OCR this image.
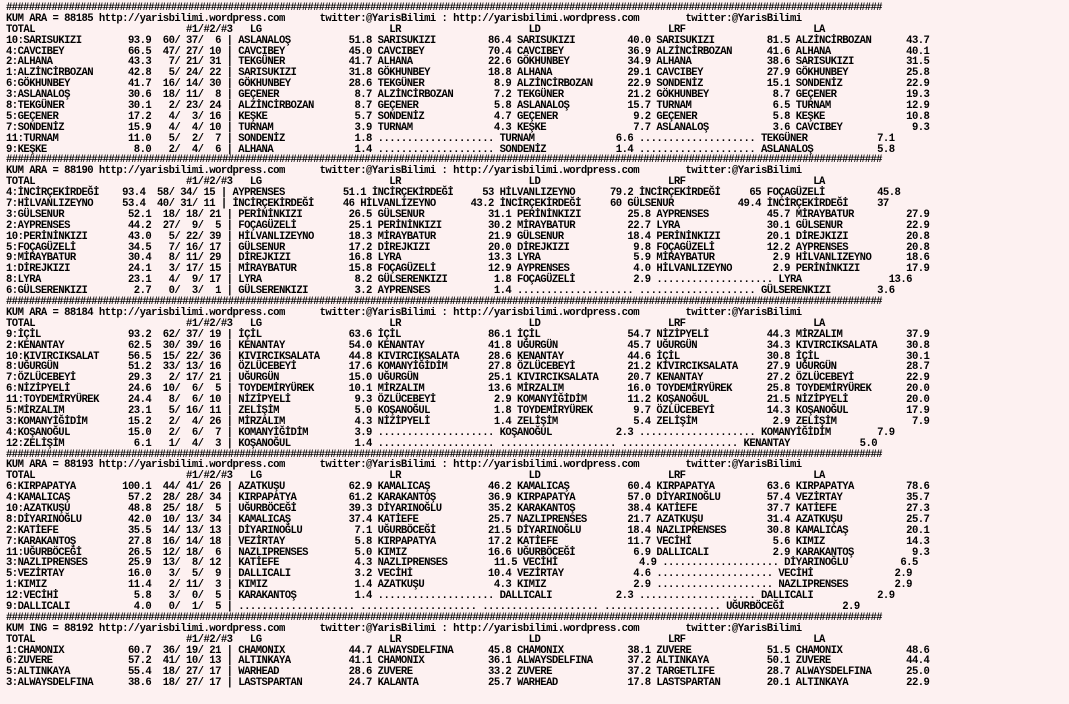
##########################################################################################################################################################
KUM ARA = 88185 http://yarisbilimi.wordpress.com      twitter:@YarisBilimi : http://yarisbilimi.wordpress.com        twitter:@YarisBilimi
TOTAL                          #1/#2/#3   LG                      LR                      LD                      LRF                      LA
10:SARISUKIZI        93.9  60/ 37/  6 | ASLANALOŞ          51.8 SARISUKIZI         86.4 SARISUKIZI         40.0 SARISUKIZI         81.5 ALZİNCİRBOZAN      43.7
4:CAVCIBEY           66.5  47/ 27/ 10 | CAVCIBEY           45.0 CAVCIBEY           70.4 CAVCIBEY           36.9 ALZİNCİRBOZAN      41.6 ALHANA             40.1
2:ALHANA             43.3   7/ 21/ 31 | TEKGÜNER           41.7 ALHANA             22.6 GÖKHUNBEY          34.9 ALHANA             38.6 SARISUKIZI         31.5
1:ALZİNCİRBOZAN      42.8   5/ 24/ 22 | SARISUKIZI         31.8 GÖKHUNBEY          18.8 ALHANA             29.1 CAVCIBEY           27.9 GÖKHUNBEY          25.8
6:GÖKHUNBEY          41.7  16/ 14/ 30 | GÖKHUNBEY          28.6 TEKGÜNER            8.9 ALZİNCİRBOZAN      22.9 SONDENİZ           15.1 SONDENİZ           22.9
3:ASLANALOŞ          30.6  18/ 11/  8 | GEÇENER             8.7 ALZİNCİRBOZAN       7.2 TEKGÜNER           21.2 GÖKHUNBEY           8.7 GEÇENER            19.3
8:TEKGÜNER           30.1   2/ 23/ 24 | ALZİNCİRBOZAN       8.7 GEÇENER             5.8 ASLANALOŞ          15.7 TURNAM              6.5 TURNAM             12.9
5:GEÇENER            17.2   4/  3/ 16 | KEŞKE               5.7 SONDENİZ            4.7 GEÇENER             9.2 GEÇENER             5.8 KEŞKE              10.8
7:SONDENİZ           15.9   4/  4/ 10 | TURNAM              3.9 TURNAM              4.3 KEŞKE               7.7 ASLANALOŞ           3.6 CAVCIBEY            9.3
11:TURNAM            11.0   5/  2/  7 | SONDENİZ            1.8 .................... TURNAM              6.6 .................... TEKGÜNER            7.1
9:KEŞKE               8.0   2/  4/  6 | ALHANA              1.4 .................... SONDENİZ            1.4 .................... ASLANALOŞ           5.8
##########################################################################################################################################################
KUM ARA = 88190 http://yarisbilimi.wordpress.com      twitter:@YarisBilimi : http://yarisbilimi.wordpress.com        twitter:@YarisBilimi
TOTAL                          #1/#2/#3   LG                      LR                      LD                      LRF                      LA
4:İNCİRÇEKİRDEĞİ    93.4  58/ 34/ 15 | AYPRENSES          51.1 İNCİRÇEKİRDEĞİ     53 HİLVANLIZEYNO      79.2 İNCİRÇEKİRDEĞİ     65 FOÇAGÜZELİ         45.8
7:HİLVANLIZEYNO     53.4  40/ 31/ 11 | İNCİRÇEKİRDEĞİ     46 HİLVANLIZEYNO      43.2 İNCİRÇEKİRDEĞİ     60 GÜLSENUR           49.4 İNCİRÇEKİRDEĞİ     37
3:GÜLSENUR           52.1  18/ 18/ 21 | PERİNİNKIZI        26.5 GÜLSENUR           31.1 PERİNİNKIZI        25.8 AYPRENSES          45.7 MİRAYBATUR         27.9
2:AYPRENSES          44.2  27/  9/  5 | FOÇAGÜZELİ         25.1 PERİNİNKIZI        30.2 MİRAYBATUR         22.7 LYRA               30.1 GÜLSENUR           22.9
10:PERİNİNKIZI       43.0   5/ 22/ 39 | HİLVANLIZEYNO      18.3 MİRAYBATUR         21.9 GÜLSENUR           18.4 PERİNİNKIZI        20.1 DİREJKIZI          20.8
5:FOÇAGÜZELİ         34.5   7/ 16/ 17 | GÜLSENUR           17.2 DİREJKIZI          20.0 DİREJKIZI           9.8 FOÇAGÜZELİ         12.2 AYPRENSES          20.8
9:MİRAYBATUR         30.4   8/ 11/ 29 | DİREJKIZI          16.8 LYRA               13.3 LYRA                5.9 MİRAYBATUR          2.9 HİLVANLIZEYNO      18.6
1:DİREJKIZI          24.1   3/ 17/ 15 | MİRAYBATUR         15.8 FOÇAGÜZELİ         12.9 AYPRENSES           4.0 HİLVANLIZEYNO       2.9 PERİNİNKIZI        17.9
8:LYRA               23.1   4/  9/ 17 | LYRA                8.2 GÜLSERENKIZI        1.8 FOÇAGÜZELİ          2.9 .................... LYRA               13.6
6:GÜLSERENKIZI        2.7   0/  3/  1 | GÜLSERENKIZI        3.2 AYPRENSES           1.4 .................... .................... GÜLSERENKIZI        3.6
##########################################################################################################################################################
KUM ARA = 88184 http://yarisbilimi.wordpress.com      twitter:@YarisBilimi : http://yarisbilimi.wordpress.com        twitter:@YarisBilimi
TOTAL                          #1/#2/#3   LG                      LR                      LD                      LRF                      LA
9:İÇİL               93.2  62/ 37/ 19 | İÇİL               63.6 İÇİL               86.1 İÇİL               54.7 NİZİPYELİ          44.3 MİRZALIM           37.9
2:KENANTAY           62.5  30/ 39/ 16 | KENANTAY           54.0 KENANTAY           41.8 UĞURGÜN            45.7 UĞURGÜN            34.3 KIVIRCIKSALATA     30.8
10:KIVIRCIKSALAT     56.5  15/ 22/ 36 | KIVIRCIKSALATA     44.8 KIVIRCIKSALATA     28.6 KENANTAY           44.6 İÇİL               30.8 İÇİL               30.1
8:UĞURGÜN            51.2  33/ 13/ 16 | ÖZLÜCEBEYİ         17.6 KOMANYİĞİDİM       27.8 ÖZLÜCEBEYİ         21.2 KIVIRCIKSALATA     27.9 UĞURGÜN            28.7
7:ÖZLÜCEBEYİ         29.3   2/ 17/ 21 | UĞURGÜN            15.0 UĞURGÜN            25.1 KIVIRCIKSALATA     20.7 KENANTAY           27.2 ÖZLÜCEBEYİ         22.9
6:NİZİPYELİ          24.6  10/  6/  5 | TOYDEMİRYÜREK      10.1 MİRZALIM           13.6 MİRZALIM           16.0 TOYDEMİRYÜREK      25.8 TOYDEMİRYÜREK      20.0
11:TOYDEMİRYÜREK     24.4   8/  6/ 10 | NİZİPYELİ           9.3 ÖZLÜCEBEYİ          2.9 KOMANYİĞİDİM       11.2 KOŞANOĞUL          21.5 NİZİPYELİ          20.0
5:MİRZALIM           23.1   5/ 16/ 11 | ZELİŞİM             5.0 KOŞANOĞUL           1.8 TOYDEMİRYÜREK       9.7 ÖZLÜCEBEYİ         14.3 KOŞANOĞUL          17.9
3:KOMANYİĞİDİM       15.2   2/  4/ 26 | MİRZALIM            4.3 NİZİPYELİ           1.4 ZELİŞİM             5.4 ZELİŞİM             2.9 ZELİŞİM             7.9
4:KOŞANOĞUL          15.0   2/  6/  7 | KOMANYİĞİDİM        3.9 .................... KOŞANOĞUL           2.3 .................... KOMANYİĞİDİM        7.9
12:ZELİŞİM            6.1   1/  4/  3 | KOŞANOĞUL           1.4 .................... .................... .................... KENANTAY            5.0
##########################################################################################################################################################
KUM ARA = 88193 http://yarisbilimi.wordpress.com      twitter:@YarisBilimi : http://yarisbilimi.wordpress.com        twitter:@YarisBilimi
TOTAL                          #1/#2/#3   LG                      LR                      LD                      LRF                      LA
6:KIRPAPATYA        100.1  44/ 41/ 26 | AZATKUŞU           62.9 KAMALICAŞ          46.2 KAMALICAŞ          60.4 KIRPAPATYA         63.6 KIRPAPATYA         78.6
4:KAMALICAŞ          57.2  28/ 28/ 34 | KIRPAPATYA         61.2 KARAKANTOŞ         36.9 KIRPAPATYA         57.0 DİYARINOĞLU        57.4 VEZİRTAY           35.7
10:AZATKUŞU          48.8  25/ 18/  5 | UĞURBÖCEĞİ         39.3 DİYARINOĞLU        35.2 KARAKANTOŞ         38.4 KATİEFE            37.7 KATİEFE            27.3
8:DİYARINOĞLU        42.0  10/ 13/ 34 | KAMALICAŞ          37.4 KATİEFE            25.7 NAZLIPRENSES       21.7 AZATKUŞU           31.4 AZATKUŞU           25.7
2:KATİEFE            35.5  14/ 13/ 13 | DİYARINOĞLU         7.1 UĞURBÖCEĞİ         21.5 DİYARINOĞLU        18.4 NAZLIPRENSES       30.8 KAMALICAŞ          20.1
7:KARAKANTOŞ         27.8  16/ 14/ 18 | VEZİRTAY            5.8 KIRPAPATYA         17.2 KATİEFE            11.7 VECİHİ              5.6 KIMIZ              14.3
11:UĞURBÖCEĞİ        26.5  12/ 18/  6 | NAZLIPRENSES        5.0 KIMIZ              16.6 UĞURBÖCEĞİ          6.9 DALLICALI           2.9 KARAKANTOŞ          9.3
3:NAZLIPRENSES       25.9  13/  8/ 12 | KATİEFE             4.3 NAZLIPRENSES        11.5 VECİHİ              4.9 .................... DİYARINOĞLU         6.5
5:VEZİRTAY           16.0   3/  5/  9 | DALLICALI           3.2 VECİHİ             10.4 VEZİRTAY            4.6 .................... VECİHİ              2.9
1:KIMIZ              11.4   2/ 11/  3 | KIMIZ               1.4 AZATKUŞU            4.3 KIMIZ               2.9 .................... NAZLIPRENSES        2.9
12:VECİHİ             5.8   3/  0/  5 | KARAKANTOŞ          1.4 .................... DALLICALI           2.3 .................... DALLICALI           2.9
9:DALLICALI           4.0   0/  1/  5 | .................... .................... .................... .................... UĞURBÖCEĞİ          2.9
##########################################################################################################################################################
KUM ING = 88192 http://yarisbilimi.wordpress.com      twitter:@YarisBilimi : http://yarisbilimi.wordpress.com        twitter:@YarisBilimi
TOTAL                          #1/#2/#3   LG                      LR                      LD                      LRF                      LA
1:CHAMONIX           60.7  36/ 19/ 21 | CHAMONIX           44.7 ALWAYSDELFINA      45.8 CHAMONIX           38.1 ZUVERE             51.5 CHAMONIX           48.6
6:ZUVERE             57.2  41/ 10/ 13 | ALTINKAYA          41.1 CHAMONIX           36.1 ALWAYSDELFINA      37.2 ALTINKAYA          50.1 ZUVERE             44.4
5:ALTINKAYA          55.4  18/ 27/ 17 | WARHEAD            28.6 ZUVERE             33.2 ZUVERE             37.2 TARGETLIFE         28.7 ALWAYSDELFINA      25.0
3:ALWAYSDELFINA      38.6  18/ 27/ 17 | LASTSPARTAN        24.7 KALANTA            25.7 WARHEAD            17.8 LASTSPARTAN        20.1 ALTINKAYA          22.9
